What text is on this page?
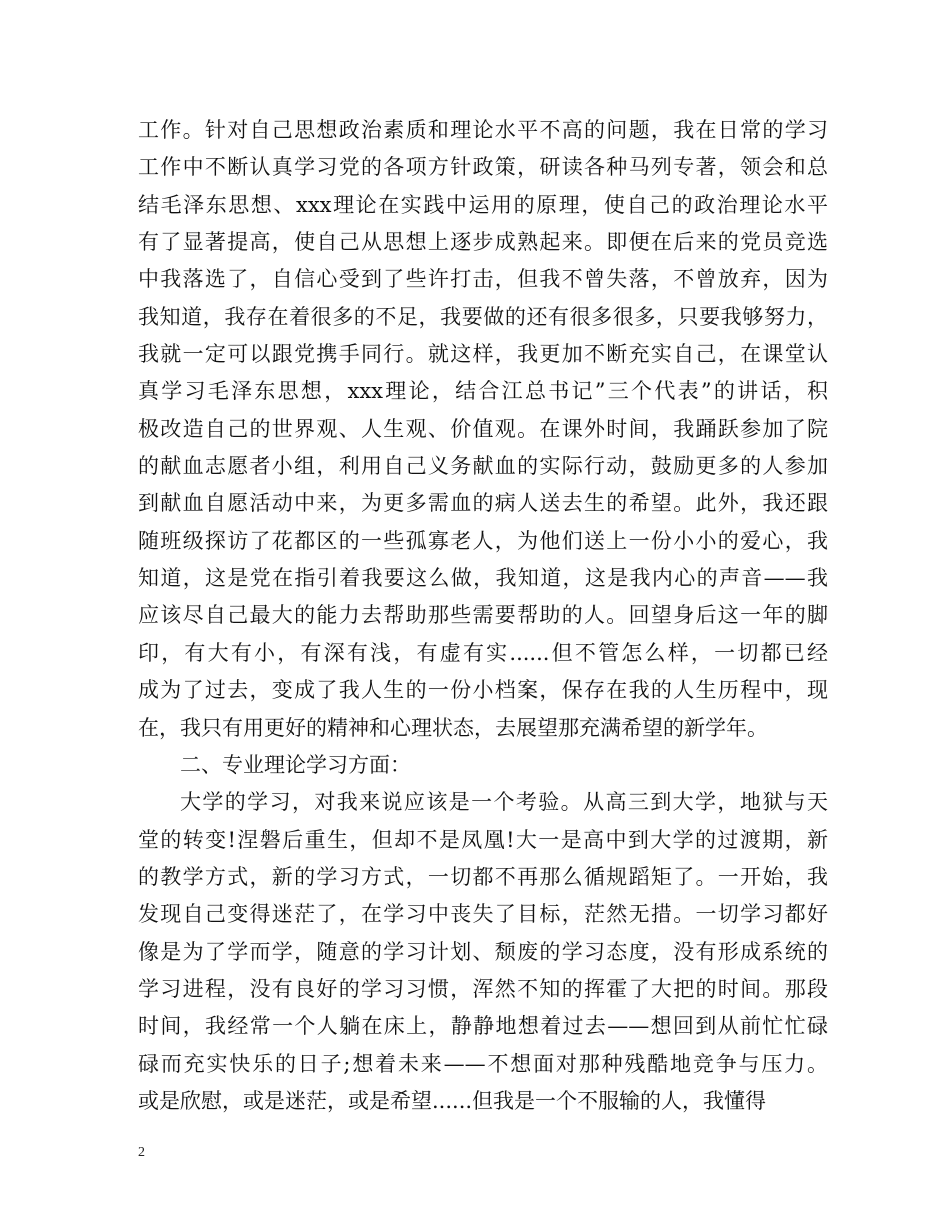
工作。针对自己思想政治素质和理论水平不高的问题，我在日常的学习
工作中不断认真学习党的各项方针政策，研读各种马列专著，领会和总
结毛泽东思想、xxx理论在实践中运用的原理，使自己的政治理论水平
有了显著提高，使自己从思想上逐步成熟起来。即便在后来的党员竞选
中我落选了，自信心受到了些许打击，但我不曾失落，不曾放弃，因为
我知道，我存在着很多的不足，我要做的还有很多很多，只要我够努力，
我就一定可以跟党携手同行。就这样，我更加不断充实自己，在课堂认
真学习毛泽东思想，xxx理论，结合江总书记”三个代表”的讲话，积
极改造自己的世界观、人生观、价值观。在课外时间，我踊跃参加了院
的献血志愿者小组，利用自己义务献血的实际行动，鼓励更多的人参加
到献血自愿活动中来，为更多需血的病人送去生的希望。此外，我还跟
随班级探访了花都区的一些孤寡老人，为他们送上一份小小的爱心，我
知道，这是党在指引着我要这么做，我知道，这是我内心的声音——我
应该尽自己最大的能力去帮助那些需要帮助的人。回望身后这一年的脚
印，有大有小，有深有浅，有虚有实......但不管怎么样，一切都已经
成为了过去，变成了我人生的一份小档案，保存在我的人生历程中，现
在，我只有用更好的精神和心理状态，去展望那充满希望的新学年。
二、专业理论学习方面：
大学的学习，对我来说应该是一个考验。从高三到大学，地狱与天
堂的转变!涅磐后重生，但却不是凤凰!大一是高中到大学的过渡期，新
的教学方式，新的学习方式，一切都不再那么循规蹈矩了。一开始，我
发现自己变得迷茫了，在学习中丧失了目标，茫然无措。一切学习都好
像是为了学而学，随意的学习计划、颓废的学习态度，没有形成系统的
学习进程，没有良好的学习习惯，浑然不知的挥霍了大把的时间。那段
时间，我经常一个人躺在床上，静静地想着过去——想回到从前忙忙碌
碌而充实快乐的日子;想着未来——不想面对那种残酷地竞争与压力。
或是欣慰，或是迷茫，或是希望......但我是一个不服输的人，我懂得
2
